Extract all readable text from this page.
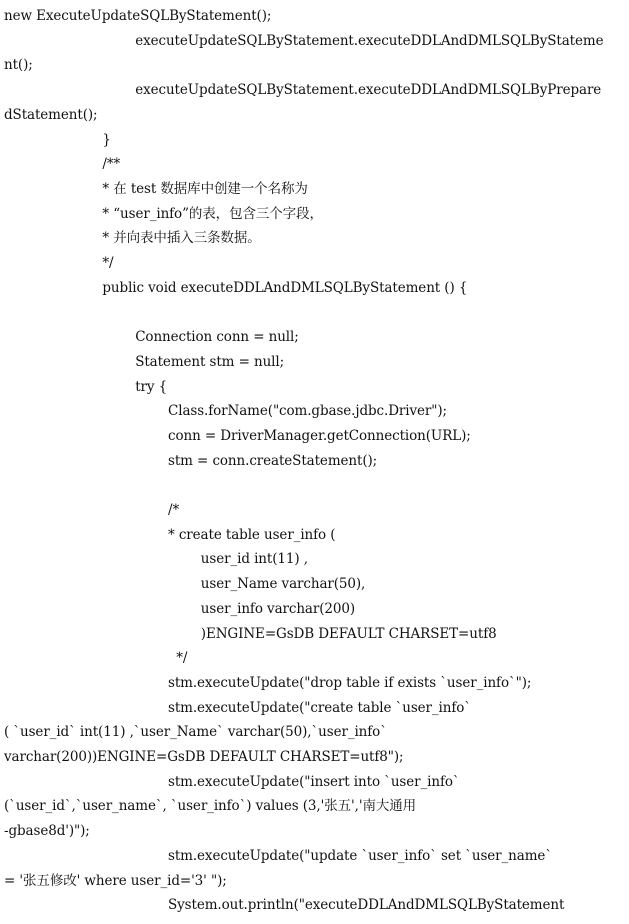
new ExecuteUpdateSQLByStatement();
executeUpdateSQLByStatement.executeDDLAndDMLSQLByStateme
nt();
executeUpdateSQLByStatement.executeDDLAndDMLSQLByPrepare
dStatement();
}
/**
* 在 test 数据库中创建一个名称为
* “user_info”的表，包含三个字段，
* 并向表中插入三条数据。
*/
public void executeDDLAndDMLSQLByStatement () {
Connection conn = null;
Statement stm = null;
try {
Class.forName("com.gbase.jdbc.Driver");
conn = DriverManager.getConnection(URL);
stm = conn.createStatement();
/*
* create table user_info (
user_id int(11) ,
user_Name varchar(50),
user_info varchar(200)
)ENGINE=GsDB DEFAULT CHARSET=utf8
*/
stm.executeUpdate("drop table if exists `user_info`");
stm.executeUpdate("create table `user_info`
( `user_id` int(11) ,`user_Name` varchar(50),`user_info`
varchar(200))ENGINE=GsDB DEFAULT CHARSET=utf8");
stm.executeUpdate("insert into `user_info`
(`user_id`,`user_name`, `user_info`) values (3,'张五','南大通用
-gbase8d')");
stm.executeUpdate("update `user_info` set `user_name`
= '张五修改' where user_id='3' ");
System.out.println("executeDDLAndDMLSQLByStatement
